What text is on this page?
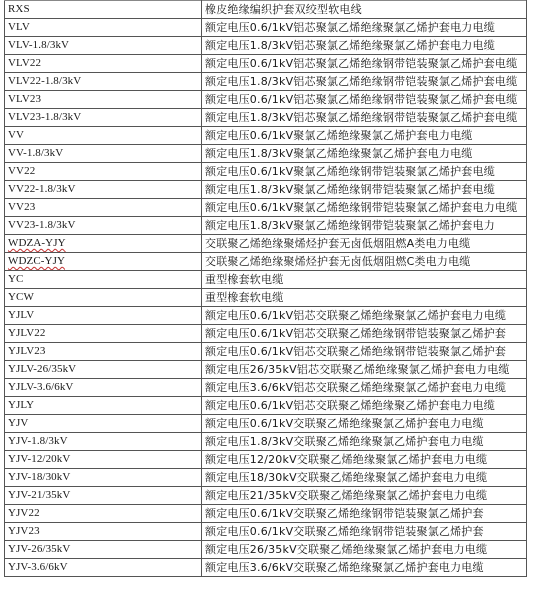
RXS	橡皮绝缘编织护套双绞型软电线
VLV	额定电压0.6/1kV铝芯聚氯乙烯绝缘聚氯乙烯护套电力电缆
VLV-1.8/3kV	额定电压1.8/3kV铝芯聚氯乙烯绝缘聚氯乙烯护套电力电缆
VLV22	额定电压0.6/1kV铝芯聚氯乙烯绝缘钢带铠装聚氯乙烯护套电缆
VLV22-1.8/3kV	额定电压1.8/3kV铝芯聚氯乙烯绝缘钢带铠装聚氯乙烯护套电缆
VLV23	额定电压0.6/1kV铝芯聚氯乙烯绝缘钢带铠装聚氯乙烯护套电缆
VLV23-1.8/3kV	额定电压1.8/3kV铝芯聚氯乙烯绝缘钢带铠装聚氯乙烯护套电缆
VV	额定电压0.6/1kV聚氯乙烯绝缘聚氯乙烯护套电力电缆
VV-1.8/3kV	额定电压1.8/3kV聚氯乙烯绝缘聚氯乙烯护套电力电缆
VV22	额定电压0.6/1kV聚氯乙烯绝缘钢带铠装聚氯乙烯护套电缆
VV22-1.8/3kV	额定电压1.8/3kV聚氯乙烯绝缘钢带铠装聚氯乙烯护套电缆
VV23	额定电压0.6/1kV聚氯乙烯绝缘钢带铠装聚氯乙烯护套电力电缆
VV23-1.8/3kV	额定电压1.8/3kV聚氯乙烯绝缘钢带铠装聚氯乙烯护套电力
WDZA-YJY	交联聚乙烯绝缘聚烯烃护套无卤低烟阻燃A类电力电缆
WDZC-YJY	交联聚乙烯绝缘聚烯烃护套无卤低烟阻燃C类电力电缆
YC	重型橡套软电缆
YCW	重型橡套软电缆
YJLV	额定电压0.6/1kV铝芯交联聚乙烯绝缘聚氯乙烯护套电力电缆
YJLV22	额定电压0.6/1kV铝芯交联聚乙烯绝缘钢带铠装聚氯乙烯护套
YJLV23	额定电压0.6/1kV铝芯交联聚乙烯绝缘钢带铠装聚氯乙烯护套
YJLV-26/35kV	额定电压26/35kV铝芯交联聚乙烯绝缘聚氯乙烯护套电力电缆
YJLV-3.6/6kV	额定电压3.6/6kV铝芯交联聚乙烯绝缘聚氯乙烯护套电力电缆
YJLY	额定电压0.6/1kV铝芯交联聚乙烯绝缘聚乙烯护套电力电缆
YJV	额定电压0.6/1kV交联聚乙烯绝缘聚氯乙烯护套电力电缆
YJV-1.8/3kV	额定电压1.8/3kV交联聚乙烯绝缘聚氯乙烯护套电力电缆
YJV-12/20kV	额定电压12/20kV交联聚乙烯绝缘聚氯乙烯护套电力电缆
YJV-18/30kV	额定电压18/30kV交联聚乙烯绝缘聚氯乙烯护套电力电缆
YJV-21/35kV	额定电压21/35kV交联聚乙烯绝缘聚氯乙烯护套电力电缆
YJV22	额定电压0.6/1kV交联聚乙烯绝缘钢带铠装聚氯乙烯护套
YJV23	额定电压0.6/1kV交联聚乙烯绝缘钢带铠装聚氯乙烯护套
YJV-26/35kV	额定电压26/35kV交联聚乙烯绝缘聚氯乙烯护套电力电缆
YJV-3.6/6kV	额定电压3.6/6kV交联聚乙烯绝缘聚氯乙烯护套电力电缆
